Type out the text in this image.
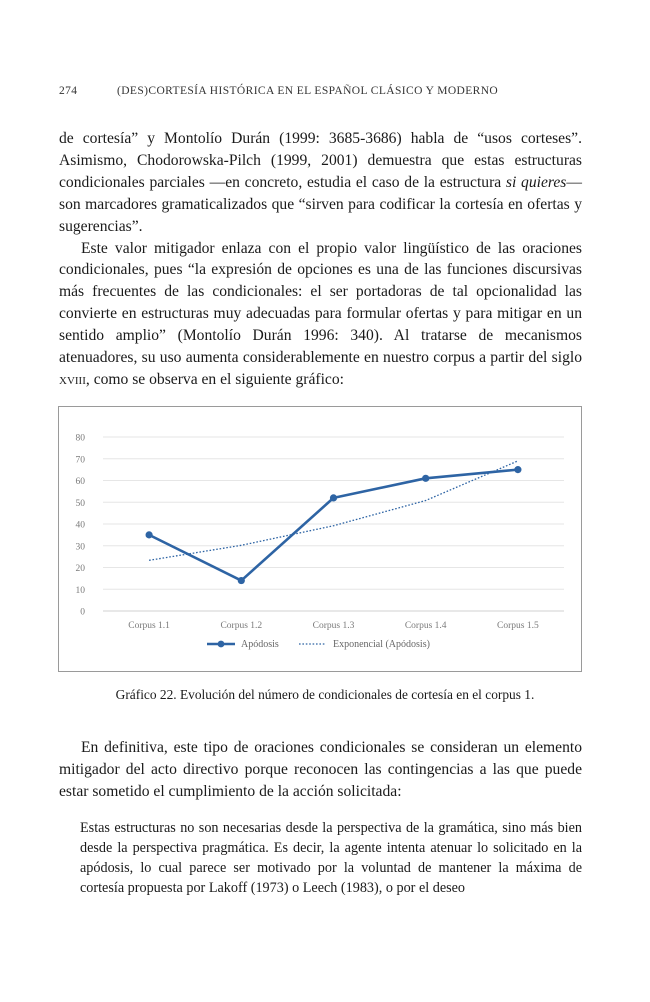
274	(DES)CORTESÍA HISTÓRICA EN EL ESPAÑOL CLÁSICO Y MODERNO

de cortesía” y Montolío Durán (1999: 3685-3686) habla de “usos corteses”. Asimismo, Chodorowska-Pilch (1999, 2001) demuestra que estas estructuras condicionales parciales —en concreto, estudia el caso de la estructura si quieres— son marcadores gramaticalizados que “sirven para codificar la cortesía en ofertas y sugerencias”.

Este valor mitigador enlaza con el propio valor lingüístico de las oraciones condicionales, pues “la expresión de opciones es una de las funciones discursivas más frecuentes de las condicionales: el ser portadoras de tal opcionalidad las convierte en estructuras muy adecuadas para formular ofertas y para mitigar en un sentido amplio” (Montolío Durán 1996: 340). Al tratarse de mecanismos atenuadores, su uso aumenta considerablemente en nuestro corpus a partir del siglo xviii, como se observa en el siguiente gráfico:

0
10
20
30
40
50
60
70
80
Corpus 1.1	Corpus 1.2	Corpus 1.3	Corpus 1.4	Corpus 1.5
Apódosis	Exponencial (Apódosis)
Gráfico 22. Evolución del número de condicionales de cortesía en el corpus 1.

En definitiva, este tipo de oraciones condicionales se consideran un elemento mitigador del acto directivo porque reconocen las contingencias a las que puede estar sometido el cumplimiento de la acción solicitada:

Estas estructuras no son necesarias desde la perspectiva de la gramática, sino más bien desde la perspectiva pragmática. Es decir, la agente intenta atenuar lo solicitado en la apódosis, lo cual parece ser motivado por la voluntad de mantener la máxima de cortesía propuesta por Lakoff (1973) o Leech (1983), o por el deseo
